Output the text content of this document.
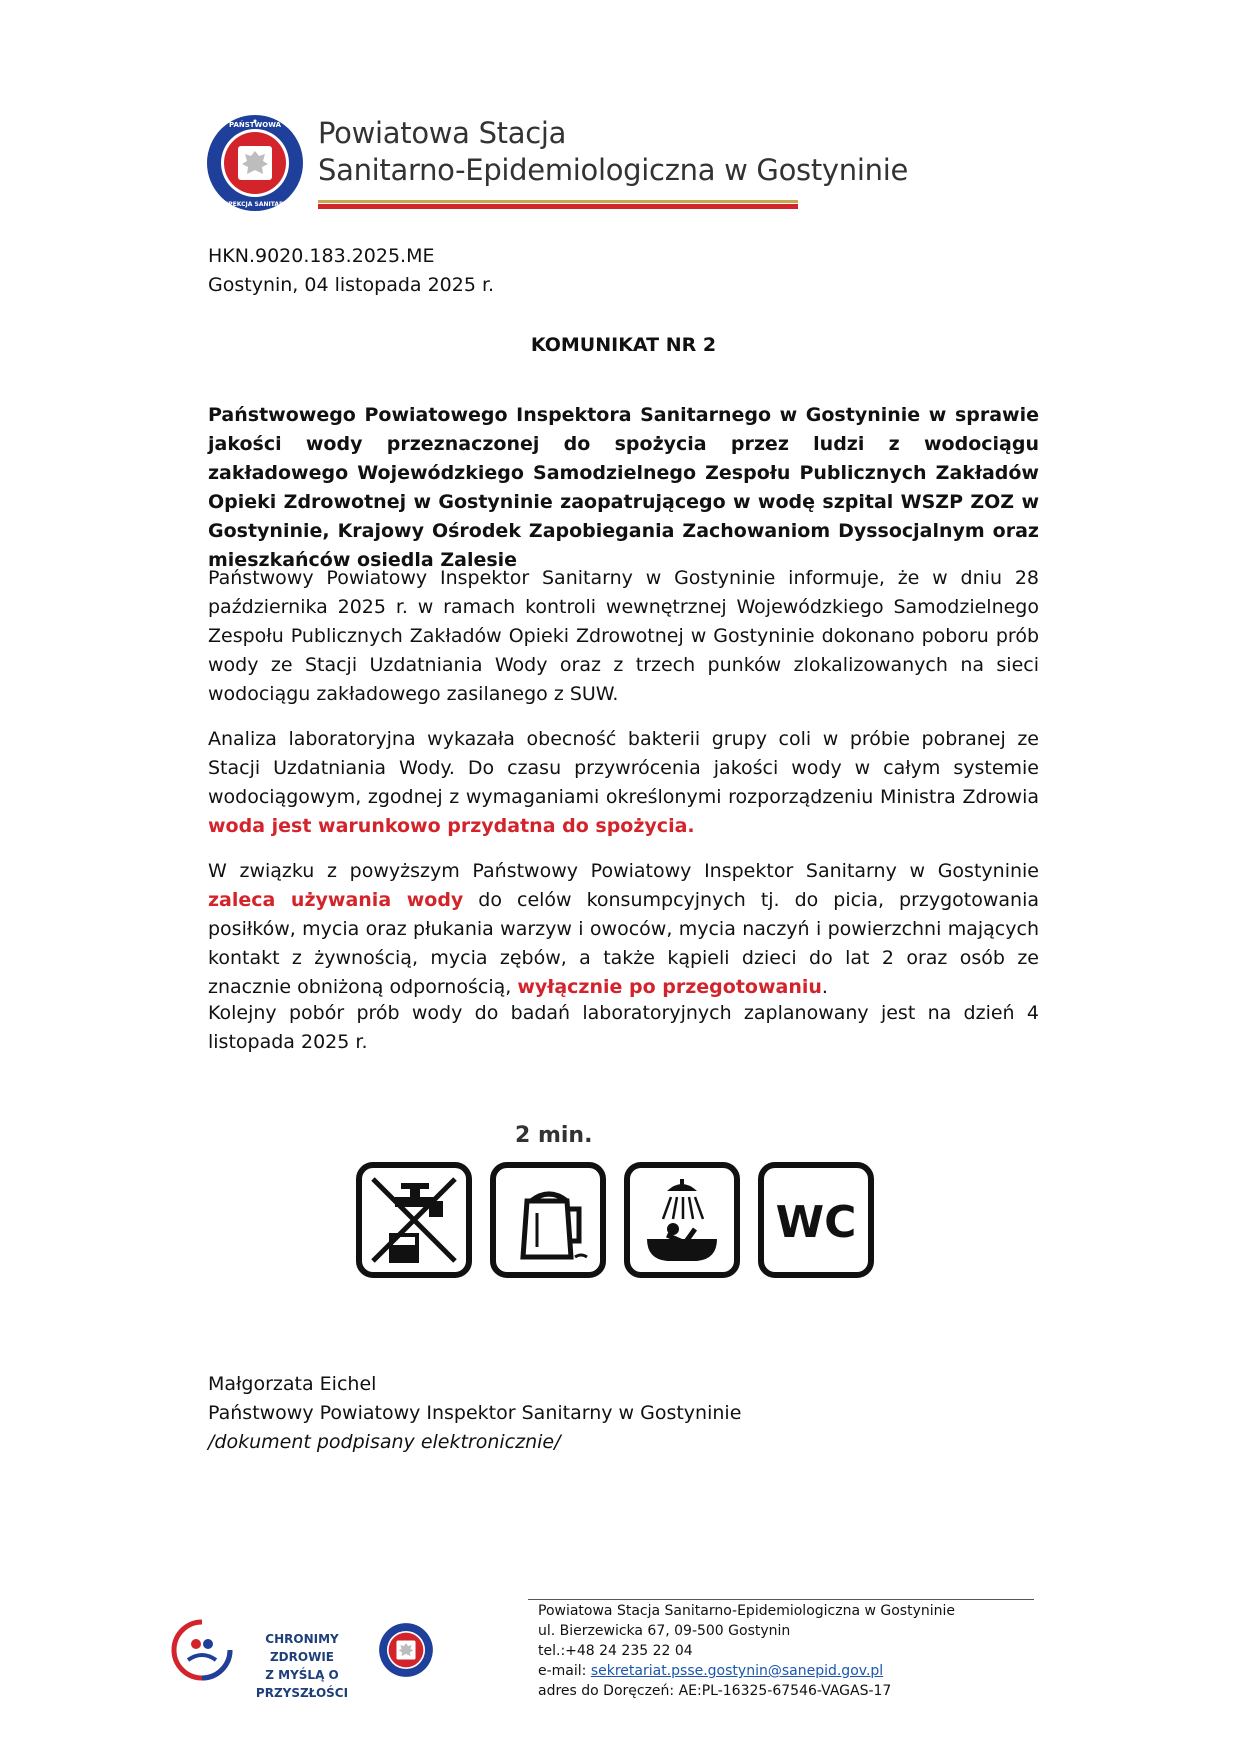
PAŃSTWOWA
INSPEKCJA SANITARNA
Powiatowa Stacja
Sanitarno-Epidemiologiczna w Gostyninie
HKN.9020.183.2025.ME
Gostynin, 04 listopada 2025 r.
KOMUNIKAT NR 2
Państwowego Powiatowego Inspektora Sanitarnego w Gostyninie w sprawie jakości wody przeznaczonej do spożycia przez ludzi z wodociągu zakładowego Wojewódzkiego Samodzielnego Zespołu Publicznych Zakładów Opieki Zdrowotnej w Gostyninie zaopatrującego w wodę szpital WSZP ZOZ w Gostyninie, Krajowy Ośrodek Zapobiegania Zachowaniom Dyssocjalnym oraz mieszkańców osiedla Zalesie
Państwowy Powiatowy Inspektor Sanitarny w Gostyninie informuje, że w dniu 28 października 2025 r. w ramach kontroli wewnętrznej Wojewódzkiego Samodzielnego Zespołu Publicznych Zakładów Opieki Zdrowotnej w Gostyninie dokonano poboru prób wody ze Stacji Uzdatniania Wody oraz z trzech punków zlokalizowanych na sieci wodociągu zakładowego zasilanego z SUW.
Analiza laboratoryjna wykazała obecność bakterii grupy coli w próbie pobranej ze Stacji Uzdatniania Wody. Do czasu przywrócenia jakości wody w całym systemie wodociągowym, zgodnej z wymaganiami określonymi rozporządzeniu Ministra Zdrowia woda jest warunkowo przydatna do spożycia.
W związku z powyższym Państwowy Powiatowy Inspektor Sanitarny w Gostyninie zaleca używania wody do celów konsumpcyjnych tj. do picia, przygotowania posiłków, mycia oraz płukania warzyw i owoców, mycia naczyń i powierzchni mających kontakt z żywnością, mycia zębów, a także kąpieli dzieci do lat 2 oraz osób ze znacznie obniżoną odpornością, wyłącznie po przegotowaniu.
Kolejny pobór prób wody do badań laboratoryjnych zaplanowany jest na dzień 4 listopada 2025 r.
2 min.
WC
Małgorzata Eichel
Państwowy Powiatowy Inspektor Sanitarny w Gostyninie
/dokument podpisany elektronicznie/
CHRONIMY ZDROWIE
Z MYŚLĄ O PRZYSZŁOŚCI
Powiatowa Stacja Sanitarno-Epidemiologiczna w Gostyninie
ul. Bierzewicka 67, 09-500 Gostynin
tel.:+48 24 235 22 04
e-mail: sekretariat.psse.gostynin@sanepid.gov.pl
adres do Doręczeń: AE:PL-16325-67546-VAGAS-17
